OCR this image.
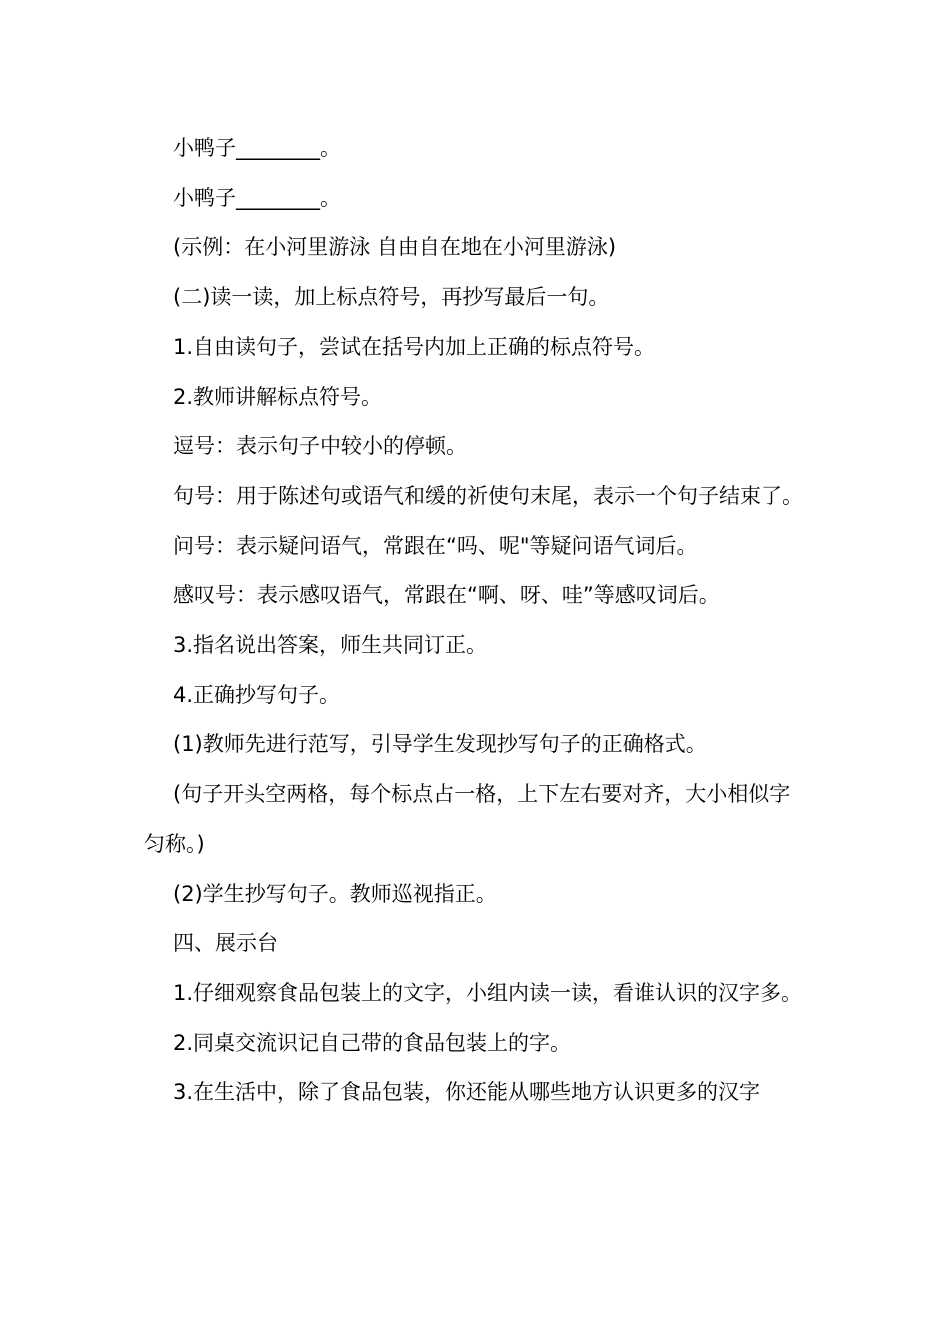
小鸭子________。

小鸭子________。

(示例：在小河里游泳 自由自在地在小河里游泳)

(二)读一读，加上标点符号，再抄写最后一句。

1.自由读句子，尝试在括号内加上正确的标点符号。

2.教师讲解标点符号。

逗号：表示句子中较小的停顿。

句号：用于陈述句或语气和缓的祈使句末尾，表示一个句子结束了。

问号：表示疑问语气，常跟在“吗、呢"等疑问语气词后。

感叹号：表示感叹语气，常跟在“啊、呀、哇”等感叹词后。

3.指名说出答案，师生共同订正。

4.正确抄写句子。

(1)教师先进行范写，引导学生发现抄写句子的正确格式。

(句子开头空两格，每个标点占一格，上下左右要对齐，大小相似字匀称。)

(2)学生抄写句子。教师巡视指正。

四、展示台

1.仔细观察食品包装上的文字，小组内读一读，看谁认识的汉字多。

2.同桌交流识记自己带的食品包装上的字。

3.在生活中，除了食品包装，你还能从哪些地方认识更多的汉字
